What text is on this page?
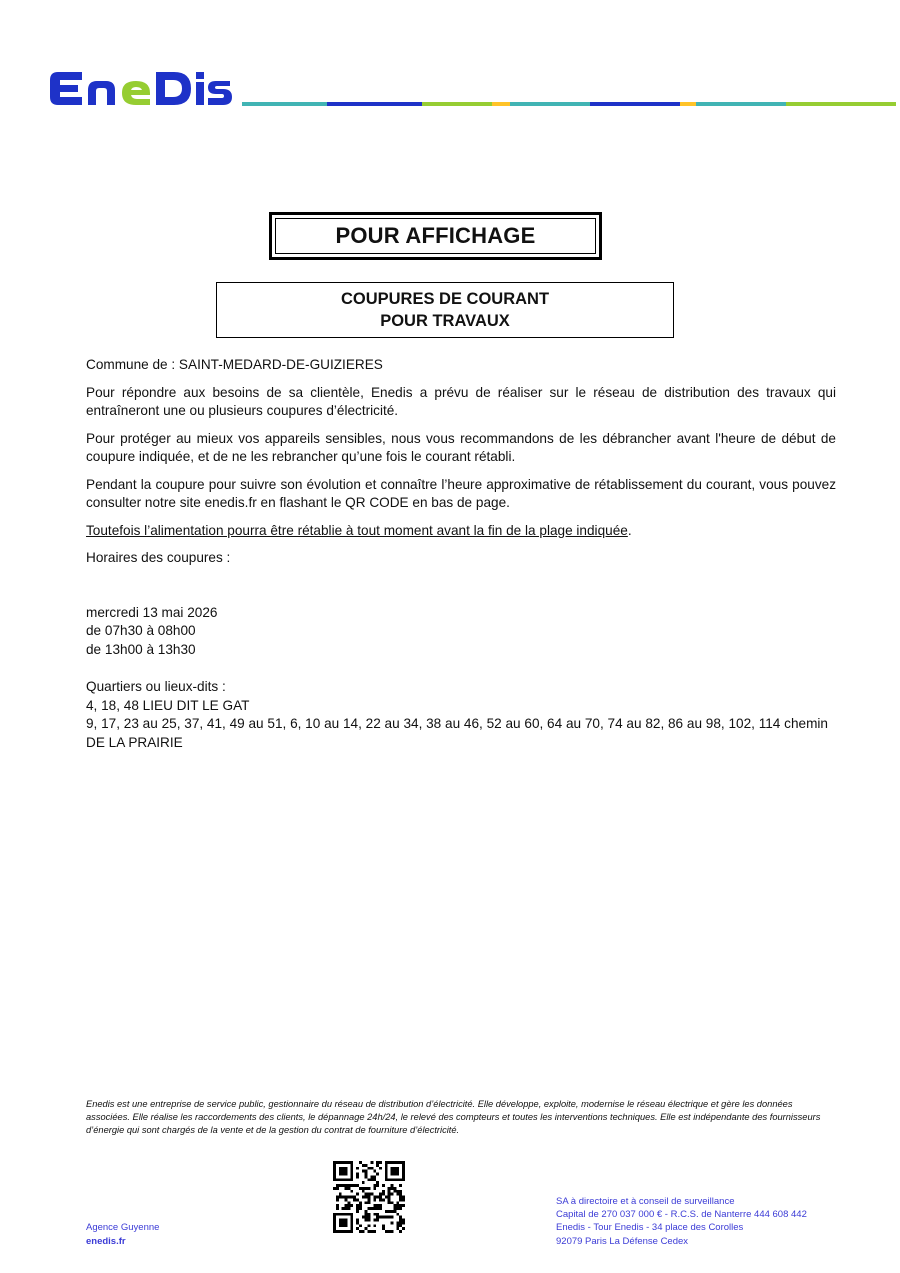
POUR AFFICHAGE
COUPURES DE COURANT
POUR TRAVAUX

Commune de : SAINT-MEDARD-DE-GUIZIERES

Pour répondre aux besoins de sa clientèle, Enedis a prévu de réaliser sur le réseau de distribution des travaux qui entraîneront une ou plusieurs coupures d’électricité.

Pour protéger au mieux vos appareils sensibles, nous vous recommandons de les débrancher avant l'heure de début de coupure indiquée, et de ne les rebrancher qu’une fois le courant rétabli.

Pendant la coupure pour suivre son évolution et connaître l’heure approximative de rétablissement du courant, vous pouvez consulter notre site enedis.fr en flashant le QR CODE en bas de page.

Toutefois l’alimentation pourra être rétablie à tout moment avant la fin de la plage indiquée.

Horaires des coupures :

mercredi 13 mai 2026
de 07h30 à 08h00
de 13h00 à 13h30
Quartiers ou lieux-dits :
4, 18, 48 LIEU DIT LE GAT
9, 17, 23 au 25, 37, 41, 49 au 51, 6, 10 au 14, 22 au 34, 38 au 46, 52 au 60, 64 au 70, 74 au 82, 86 au 98, 102, 114 chemin DE LA PRAIRIE
Enedis est une entreprise de service public, gestionnaire du réseau de distribution d’électricité. Elle développe, exploite, modernise le réseau électrique et gère les données associées. Elle réalise les raccordements des clients, le dépannage 24h/24, le relevé des compteurs et toutes les interventions techniques. Elle est indépendante des fournisseurs d’énergie qui sont chargés de la vente et de la gestion du contrat de fourniture d’électricité.
Agence Guyenne
enedis.fr
SA à directoire et à conseil de surveillance
Capital de 270 037 000 € - R.C.S. de Nanterre 444 608 442
Enedis - Tour Enedis - 34 place des Corolles
92079 Paris La Défense Cedex
